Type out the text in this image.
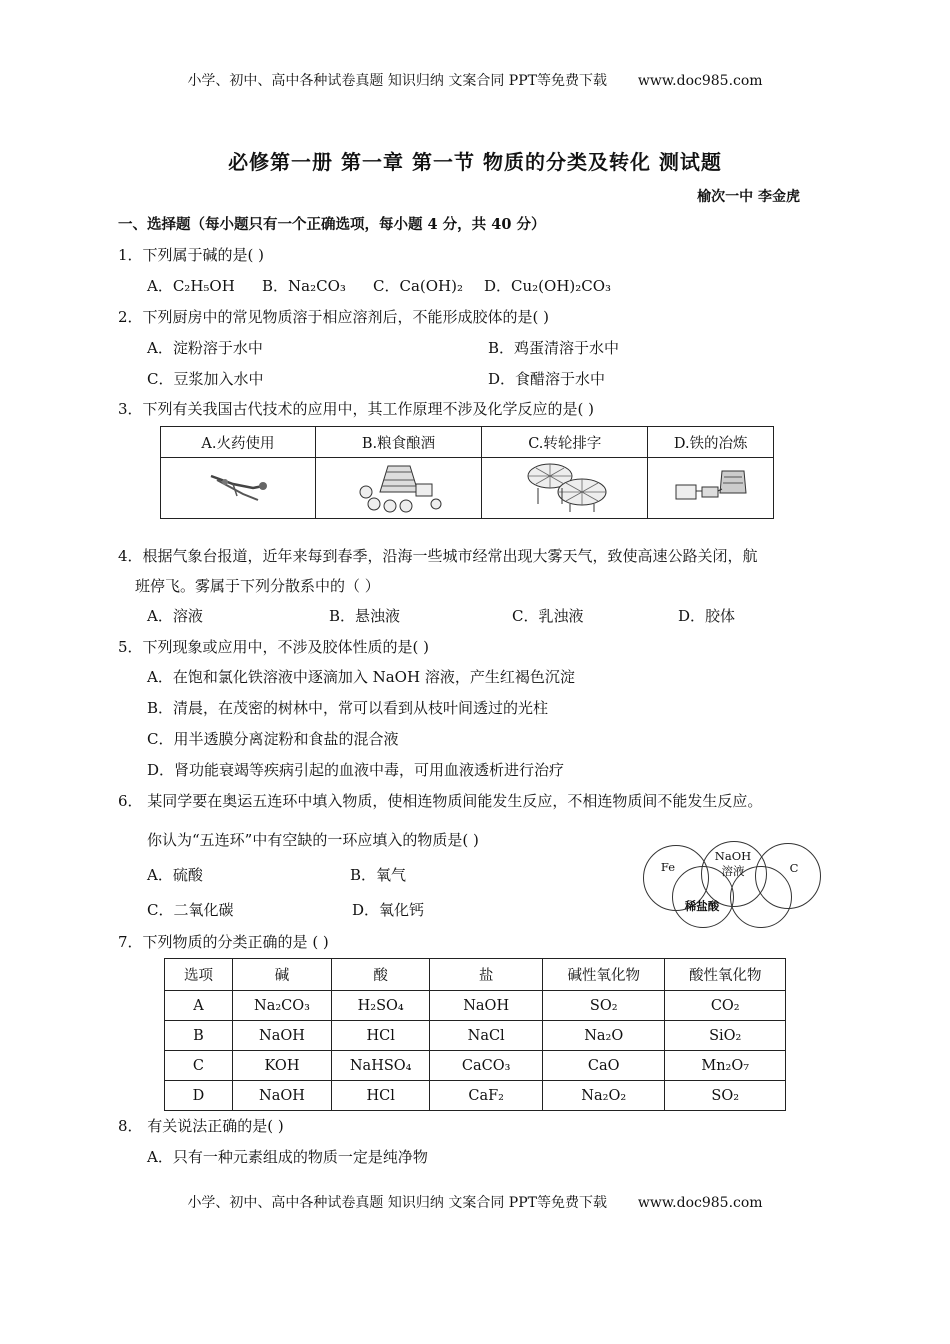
小学、初中、高中各种试卷真题 知识归纳 文案合同 PPT等免费下载 www.doc985.com
必修第一册 第一章 第一节 物质的分类及转化 测试题
榆次一中 李金虎
一、选择题（每小题只有一个正确选项，每小题 4 分，共 40 分）
1．下列属于碱的是( )
A．C₂H₅OH B．Na₂CO₃ C．Ca(OH)₂ D．Cu₂(OH)₂CO₃
2．下列厨房中的常见物质溶于相应溶剂后，不能形成胶体的是( )
A．淀粉溶于水中	B．鸡蛋清溶于水中
C．豆浆加入水中	D．食醋溶于水中
3．下列有关我国古代技术的应用中，其工作原理不涉及化学反应的是( )
A.火药使用	B.粮食酿酒	C.转轮排字	D.铁的冶炼

4．根据气象台报道，近年来每到春季，沿海一些城市经常出现大雾天气，致使高速公路关闭，航
班停飞。雾属于下列分散系中的（ ）
A．溶液	B．悬浊液	C．乳浊液	D．胶体
5．下列现象或应用中，不涉及胶体性质的是( )
A．在饱和氯化铁溶液中逐滴加入 NaOH 溶液，产生红褐色沉淀
B．清晨，在茂密的树林中，常可以看到从枝叶间透过的光柱
C．用半透膜分离淀粉和食盐的混合液
D．肾功能衰竭等疾病引起的血液中毒，可用血液透析进行治疗
6． 某同学要在奥运五连环中填入物质，使相连物质间能发生反应，不相连物质间不能发生反应。
你认为“五连环”中有空缺的一环应填入的物质是( )
A．硫酸	B．氧气
C．二氧化碳	D．氧化钙
Fe
NaOH
溶液	C
稀盐酸
7．下列物质的分类正确的是 ( )
选项	碱	酸	盐	碱性氧化物	酸性氧化物
A	Na₂CO₃	H₂SO₄	NaOH	SO₂	CO₂
B	NaOH	HCl	NaCl	Na₂O	SiO₂
C	KOH	NaHSO₄	CaCO₃	CaO	Mn₂O₇
D	NaOH	HCl	CaF₂	Na₂O₂	SO₂
8． 有关说法正确的是( )
A．只有一种元素组成的物质一定是纯净物
小学、初中、高中各种试卷真题 知识归纳 文案合同 PPT等免费下载 www.doc985.com
